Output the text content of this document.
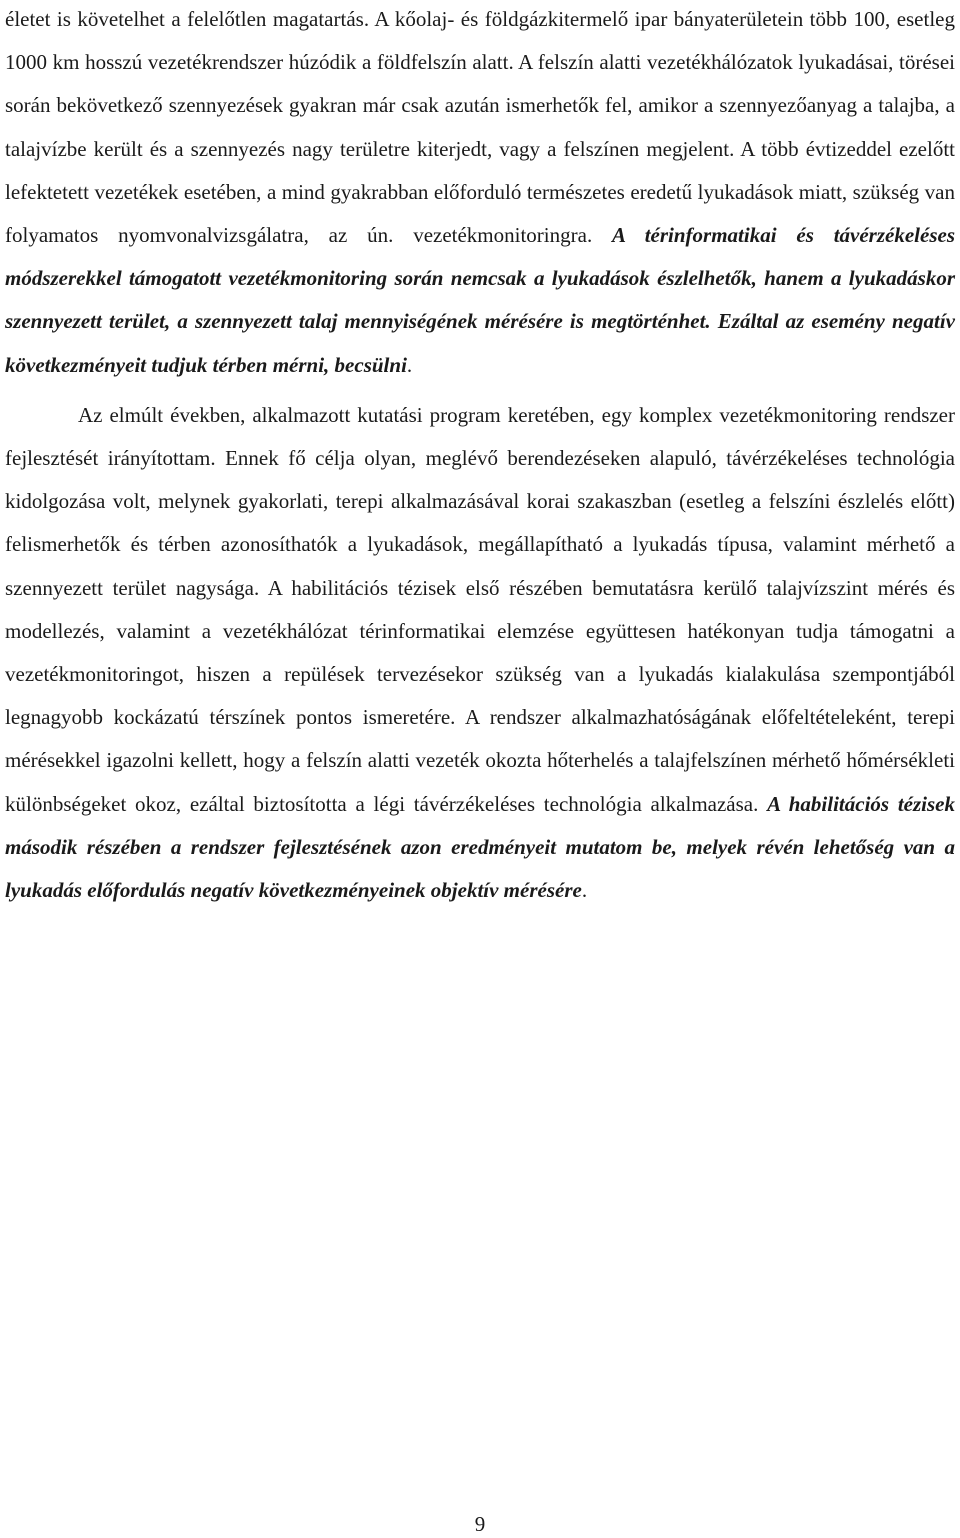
életet is követelhet a felelőtlen magatartás. A kőolaj- és földgázkitermelő ipar bányaterületein több 100, esetleg 1000 km hosszú vezetékrendszer húzódik a földfelszín alatt. A felszín alatti vezetékhálózatok lyukadásai, törései során bekövetkező szennyezések gyakran már csak azután ismerhetők fel, amikor a szennyezőanyag a talajba, a talajvízbe került és a szennyezés nagy területre kiterjedt, vagy a felszínen megjelent. A több évtizeddel ezelőtt lefektetett vezetékek esetében, a mind gyakrabban előforduló természetes eredetű lyukadások miatt, szükség van folyamatos nyomvonalvizsgálatra, az ún. vezetékmonitoringra. A térinformatikai és távérzékeléses módszerekkel támogatott vezetékmonitoring során nemcsak a lyukadások észlelhetők, hanem a lyukadáskor szennyezett terület, a szennyezett talaj mennyiségének mérésére is megtörténhet. Ezáltal az esemény negatív következményeit tudjuk térben mérni, becsülni.

Az elmúlt években, alkalmazott kutatási program keretében, egy komplex vezetékmonitoring rendszer fejlesztését irányítottam. Ennek fő célja olyan, meglévő berendezéseken alapuló, távérzékeléses technológia kidolgozása volt, melynek gyakorlati, terepi alkalmazásával korai szakaszban (esetleg a felszíni észlelés előtt) felismerhetők és térben azonosíthatók a lyukadások, megállapítható a lyukadás típusa, valamint mérhető a szennyezett terület nagysága. A habilitációs tézisek első részében bemutatásra kerülő talajvízszint mérés és modellezés, valamint a vezetékhálózat térinformatikai elemzése együttesen hatékonyan tudja támogatni a vezetékmonitoringot, hiszen a repülések tervezésekor szükség van a lyukadás kialakulása szempontjából legnagyobb kockázatú térszínek pontos ismeretére. A rendszer alkalmazhatóságának előfeltételeként, terepi mérésekkel igazolni kellett, hogy a felszín alatti vezeték okozta hőterhelés a talajfelszínen mérhető hőmérsékleti különbségeket okoz, ezáltal biztosította a légi távérzékeléses technológia alkalmazása. A habilitációs tézisek második részében a rendszer fejlesztésének azon eredményeit mutatom be, melyek révén lehetőség van a lyukadás előfordulás negatív következményeinek objektív mérésére.

9
